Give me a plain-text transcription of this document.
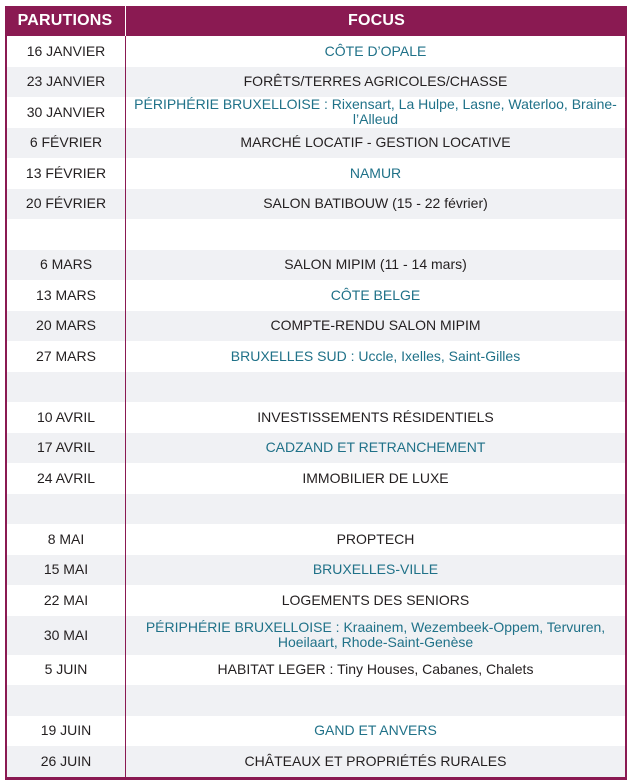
PARUTIONS	FOCUS
16 JANVIER	CÔTE D’OPALE
23 JANVIER	FORÊTS/TERRES AGRICOLES/CHASSE
30 JANVIER	PÉRIPHÉRIE BRUXELLOISE : Rixensart, La Hulpe, Lasne, Waterloo, Braine-l’Alleud
6 FÉVRIER	MARCHÉ LOCATIF - GESTION LOCATIVE
13 FÉVRIER	NAMUR
20 FÉVRIER	SALON BATIBOUW (15 - 22 février)
6 MARS	SALON MIPIM (11 - 14 mars)
13 MARS	CÔTE BELGE
20 MARS	COMPTE-RENDU SALON MIPIM
27 MARS	BRUXELLES SUD : Uccle, Ixelles, Saint-Gilles
10 AVRIL	INVESTISSEMENTS RÉSIDENTIELS
17 AVRIL	CADZAND ET RETRANCHEMENT
24 AVRIL	IMMOBILIER DE LUXE
8 MAI	PROPTECH
15 MAI	BRUXELLES-VILLE
22 MAI	LOGEMENTS DES SENIORS
30 MAI	PÉRIPHÉRIE BRUXELLOISE : Kraainem, Wezembeek-Oppem, Tervuren, Hoeilaart, Rhode-Saint-Genèse
5 JUIN	HABITAT LEGER : Tiny Houses, Cabanes, Chalets
19 JUIN	GAND ET ANVERS
26 JUIN	CHÂTEAUX ET PROPRIÉTÉS RURALES
